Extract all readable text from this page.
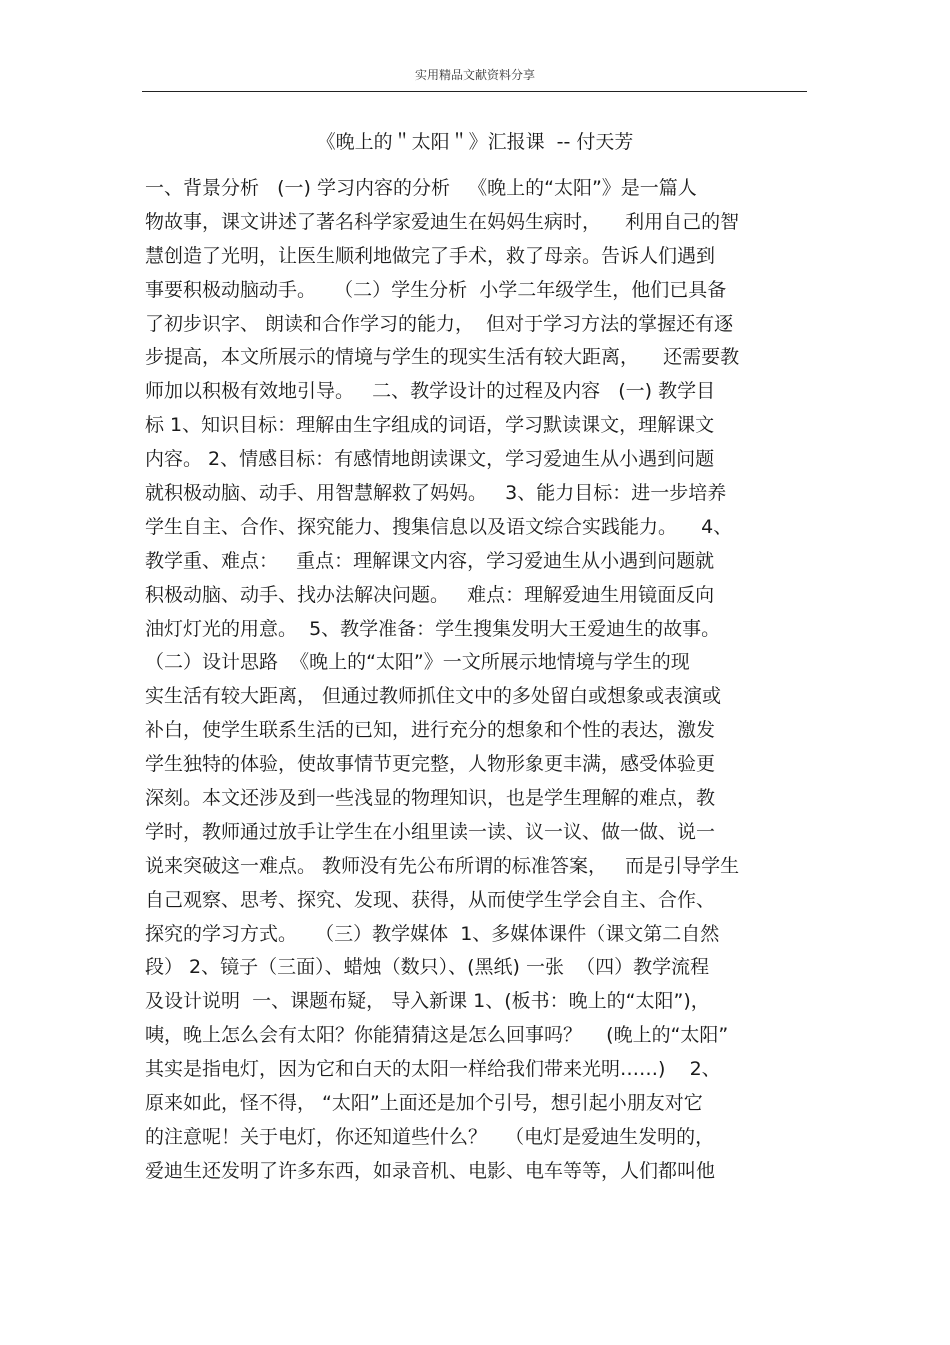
实用精品文献资料分享
《晚上的＂太阳＂》汇报课  -- 付天芳
一、背景分析   (一) 学习内容的分析   《晚上的“太阳”》是一篇人
物故事，课文讲述了著名科学家爱迪生在妈妈生病时，    利用自己的智
慧创造了光明，让医生顺利地做完了手术，救了母亲。告诉人们遇到
事要积极动脑动手。   （二）学生分析  小学二年级学生，他们已具备
了初步识字、 朗读和合作学习的能力，  但对于学习方法的掌握还有逐
步提高，本文所展示的情境与学生的现实生活有较大距离，    还需要教
师加以积极有效地引导。   二、教学设计的过程及内容   (一) 教学目
标 1、知识目标：理解由生字组成的词语，学习默读课文，理解课文
内容。 2、情感目标：有感情地朗读课文，学习爱迪生从小遇到问题
就积极动脑、动手、用智慧解救了妈妈。   3、能力目标：进一步培养
学生自主、合作、探究能力、搜集信息以及语文综合实践能力。    4、
教学重、难点：   重点：理解课文内容，学习爱迪生从小遇到问题就
积极动脑、动手、找办法解决问题。   难点：理解爱迪生用镜面反向
油灯灯光的用意。  5、教学准备：学生搜集发明大王爱迪生的故事。
（二）设计思路  《晚上的“太阳”》一文所展示地情境与学生的现
实生活有较大距离， 但通过教师抓住文中的多处留白或想象或表演或
补白，使学生联系生活的已知，进行充分的想象和个性的表达，激发
学生独特的体验，使故事情节更完整，人物形象更丰满，感受体验更
深刻。本文还涉及到一些浅显的物理知识，也是学生理解的难点，教
学时，教师通过放手让学生在小组里读一读、议一议、做一做、说一
说来突破这一难点。 教师没有先公布所谓的标准答案，   而是引导学生
自己观察、思考、探究、发现、获得，从而使学生学会自主、合作、
探究的学习方式。   （三）教学媒体  1、多媒体课件（课文第二自然
段） 2、镜子（三面）、蜡烛（数只）、(黑纸) 一张  （四）教学流程
及设计说明  一、课题布疑， 导入新课 1、(板书：晚上的“太阳”)，
咦，晚上怎么会有太阳？你能猜猜这是怎么回事吗？    (晚上的“太阳”
其实是指电灯，因为它和白天的太阳一样给我们带来光明……)    2、
原来如此，怪不得， “太阳”上面还是加个引号，想引起小朋友对它
的注意呢！关于电灯，你还知道些什么？   （电灯是爱迪生发明的，
爱迪生还发明了许多东西，如录音机、电影、电车等等，人们都叫他
